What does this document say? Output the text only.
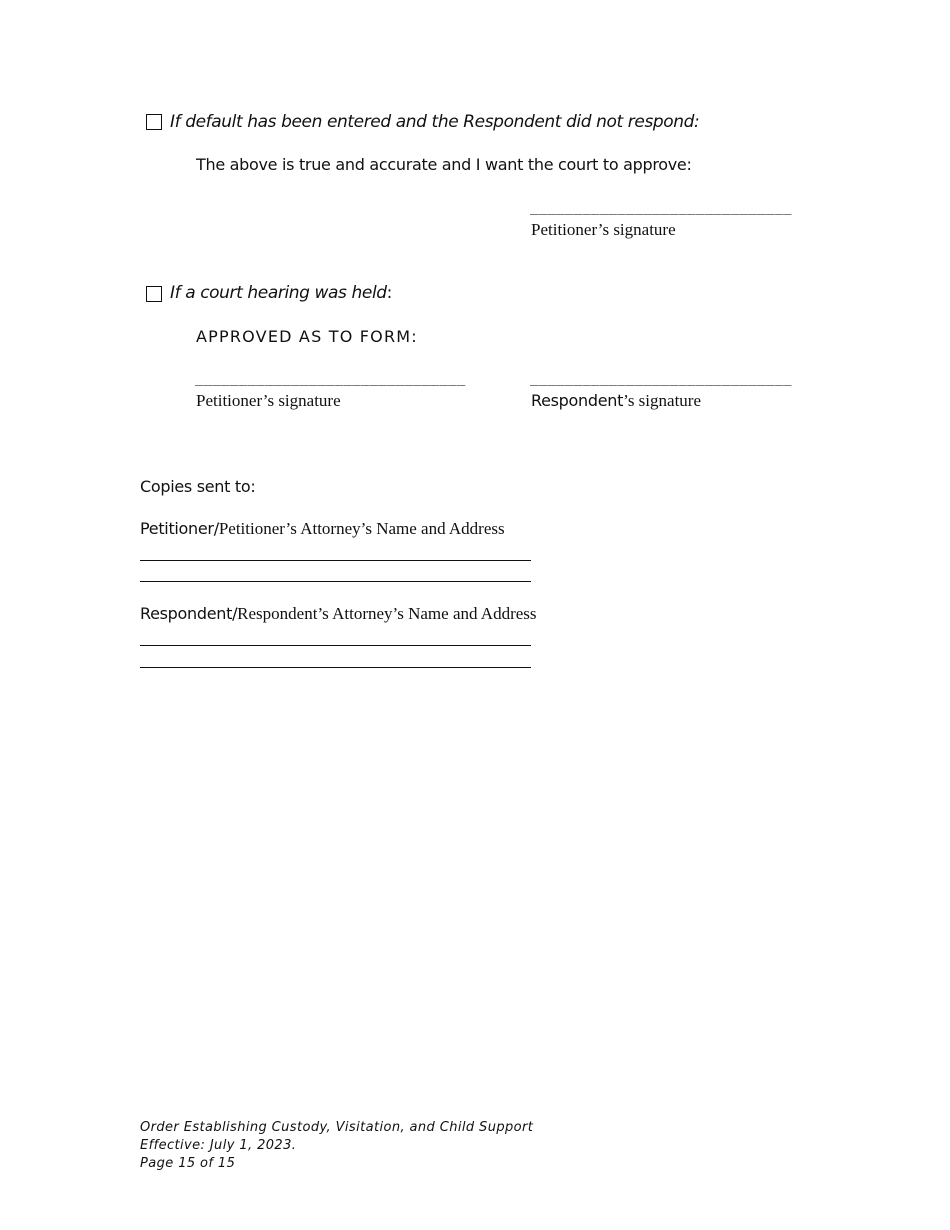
If default has been entered and the Respondent did not respond:
The above is true and accurate and I want the court to approve:
______________________________
Petitioner’s signature
If a court hearing was held:
APPROVED AS TO FORM:
_______________________________
Petitioner’s signature
______________________________
Respondent’s signature
Copies sent to:
Petitioner/Petitioner’s Attorney’s Name and Address
Respondent/Respondent’s Attorney’s Name and Address
Order Establishing Custody, Visitation, and Child Support
Effective: July 1, 2023.
Page 15 of 15
